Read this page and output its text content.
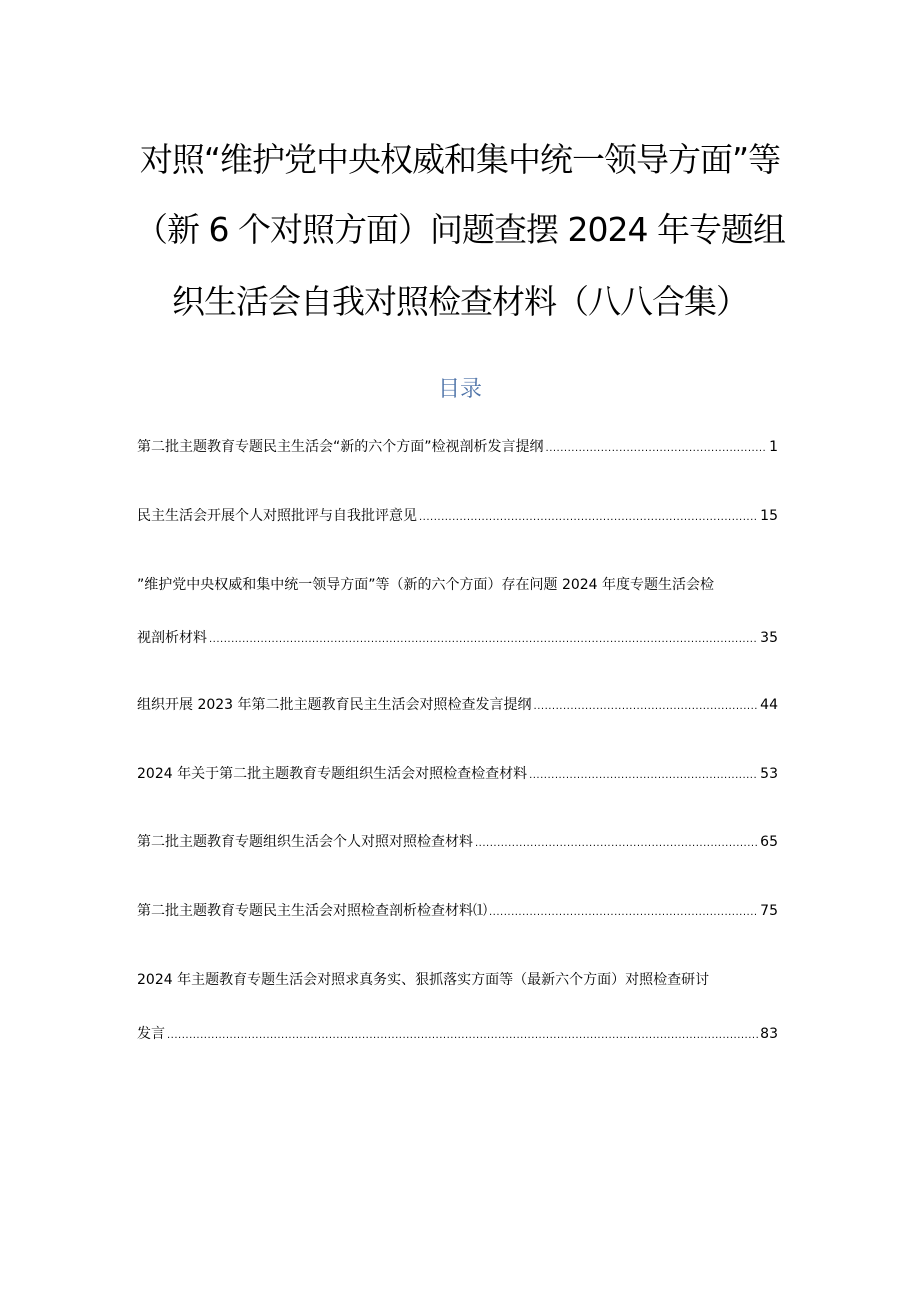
对照“维护党中央权威和集中统一领导方面”等
（新 6 个对照方面）问题查摆 2024 年专题组
织生活会自我对照检查材料（八八合集）
目录
第二批主题教育专题民主生活会“新的六个方面”检视剖析发言提纲 .....	1
民主生活会开展个人对照批评与自我批评意见 .....	15
”维护党中央权威和集中统一领导方面”等（新的六个方面）存在问题 2024 年度专题生活会检
视剖析材料 .....	35
组织开展 2023 年第二批主题教育民主生活会对照检查发言提纲 .....	44
2024 年关于第二批主题教育专题组织生活会对照检查检查材料 .....	53
第二批主题教育专题组织生活会个人对照对照检查材料 .....	65
第二批主题教育专题民主生活会对照检查剖析检查材料⑴ .....	75
2024 年主题教育专题生活会对照求真务实、狠抓落实方面等（最新六个方面）对照检查研讨
发言 .....	83
